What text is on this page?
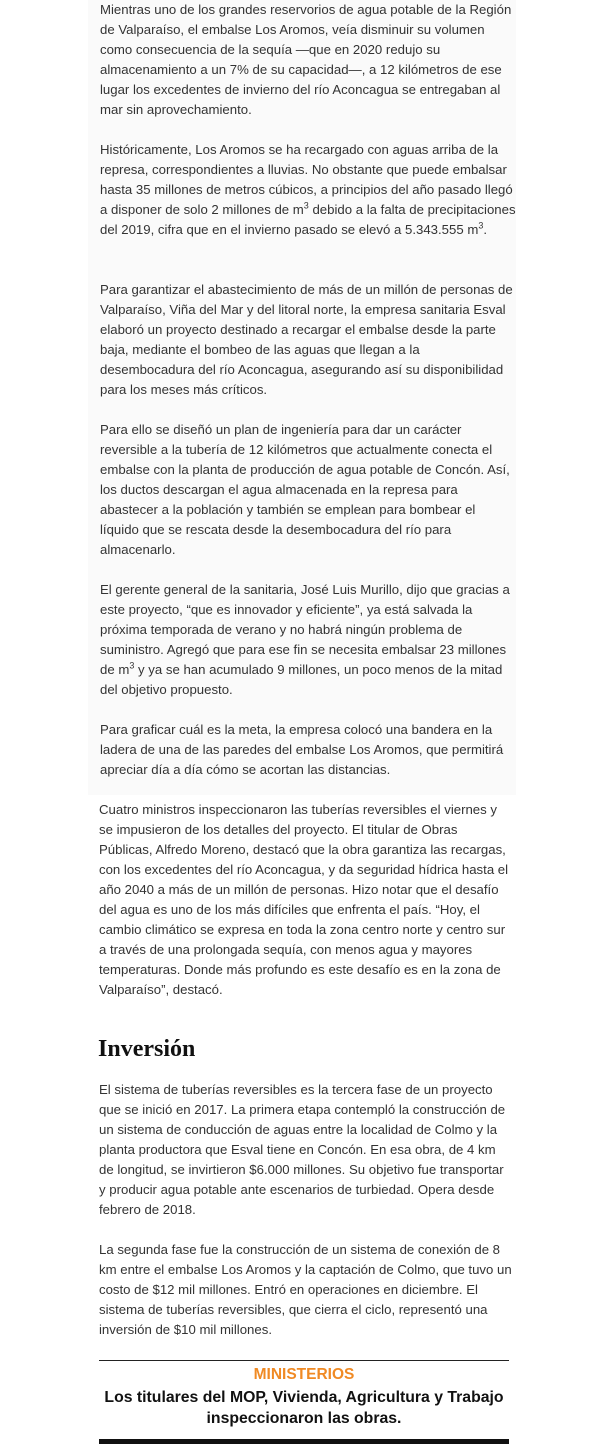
Mientras uno de los grandes reservorios de agua potable de la Región de Valparaíso, el embalse Los Aromos, veía disminuir su volumen como consecuencia de la sequía —que en 2020 redujo su almacenamiento a un 7% de su capacidad—, a 12 kilómetros de ese lugar los excedentes de invierno del río Aconcagua se entregaban al mar sin aprovechamiento.

Históricamente, Los Aromos se ha recargado con aguas arriba de la represa, correspondientes a lluvias. No obstante que puede embalsar hasta 35 millones de metros cúbicos, a principios del año pasado llegó a disponer de solo 2 millones de $m^3$ debido a la falta de precipitaciones del 2019, cifra que en el invierno pasado se elevó a 5.343.555 $m^3$.

Para garantizar el abastecimiento de más de un millón de personas de Valparaíso, Viña del Mar y del litoral norte, la empresa sanitaria Esval elaboró un proyecto destinado a recargar el embalse desde la parte baja, mediante el bombeo de las aguas que llegan a la desembocadura del río Aconcagua, asegurando así su disponibilidad para los meses más críticos.

Para ello se diseñó un plan de ingeniería para dar un carácter reversible a la tubería de 12 kilómetros que actualmente conecta el embalse con la planta de producción de agua potable de Concón. Así, los ductos descargan el agua almacenada en la represa para abastecer a la población y también se emplean para bombear el líquido que se rescata desde la desembocadura del río para almacenarlo.

El gerente general de la sanitaria, José Luis Murillo, dijo que gracias a este proyecto, “que es innovador y eficiente”, ya está salvada la próxima temporada de verano y no habrá ningún problema de suministro. Agregó que para ese fin se necesita embalsar 23 millones de $m^3$ y ya se han acumulado 9 millones, un poco menos de la mitad del objetivo propuesto.

Para graficar cuál es la meta, la empresa colocó una bandera en la ladera de una de las paredes del embalse Los Aromos, que permitirá apreciar día a día cómo se acortan las distancias.

Cuatro ministros inspeccionaron las tuberías reversibles el viernes y se impusieron de los detalles del proyecto. El titular de Obras Públicas, Alfredo Moreno, destacó que la obra garantiza las recargas, con los excedentes del río Aconcagua, y da seguridad hídrica hasta el año 2040 a más de un millón de personas. Hizo notar que el desafío del agua es uno de los más difíciles que enfrenta el país. “Hoy, el cambio climático se expresa en toda la zona centro norte y centro sur a través de una prolongada sequía, con menos agua y mayores temperaturas. Donde más profundo es este desafío es en la zona de Valparaíso”, destacó.

Inversión

El sistema de tuberías reversibles es la tercera fase de un proyecto que se inició en 2017. La primera etapa contempló la construcción de un sistema de conducción de aguas entre la localidad de Colmo y la planta productora que Esval tiene en Concón. En esa obra, de 4 km de longitud, se invirtieron $6.000 millones. Su objetivo fue transportar y producir agua potable ante escenarios de turbiedad. Opera desde febrero de 2018.

La segunda fase fue la construcción de un sistema de conexión de 8 km entre el embalse Los Aromos y la captación de Colmo, que tuvo un costo de $12 mil millones. Entró en operaciones en diciembre. El sistema de tuberías reversibles, que cierra el ciclo, representó una inversión de $10 mil millones.

MINISTERIOS
Los titulares del MOP, Vivienda, Agricultura y Trabajo inspeccionaron las obras.
